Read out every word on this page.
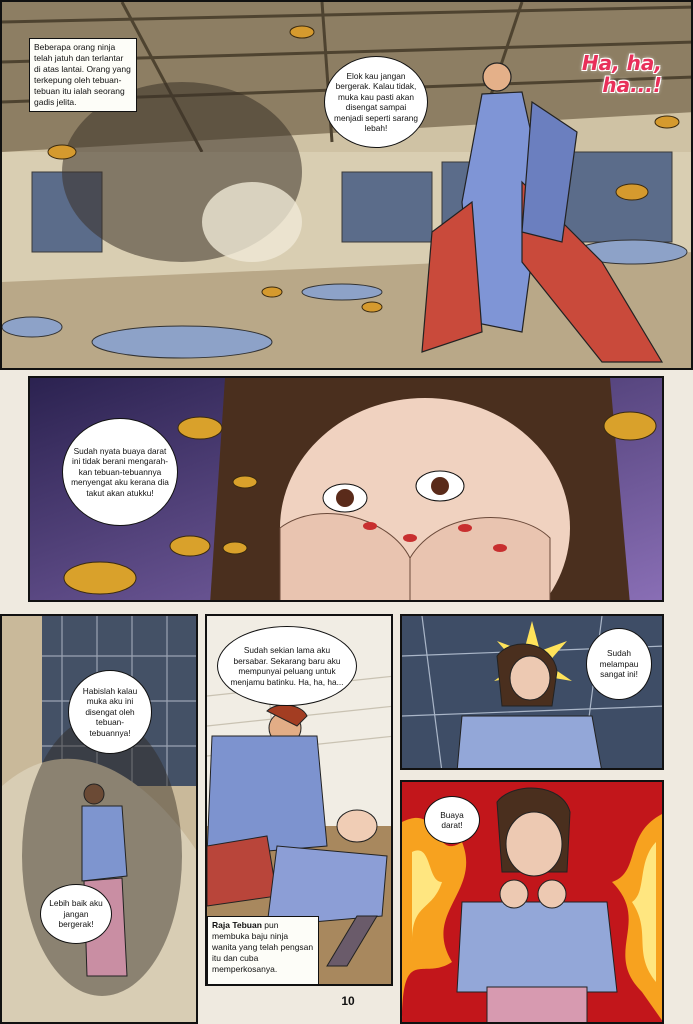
Beberapa orang ninja telah jatuh dan terlantar di atas lantai. Orang yang terkepung oleh tebuan-tebuan itu ialah seorang gadis jelita.
Elok kau jangan bergerak. Kalau tidak, muka kau pasti akan disengat sampai menjadi seperti sarang lebah!
Ha, ha, ha...!
Sudah nyata buaya darat ini tidak berani mengarah-kan tebuan-tebuannya menyengat aku kerana dia takut akan atukku!
Habislah kalau muka aku ini disengat oleh tebuan-tebuannya!
Lebih baik aku jangan bergerak!
Sudah sekian lama aku bersabar. Sekarang baru aku mempunyai peluang untuk menjamu batinku. Ha, ha, ha...
Raja Tebuan pun membuka baju ninja wanita yang telah pengsan itu dan cuba memperkosanya.
Sudah melampau sangat ini!
Buaya darat!
10
